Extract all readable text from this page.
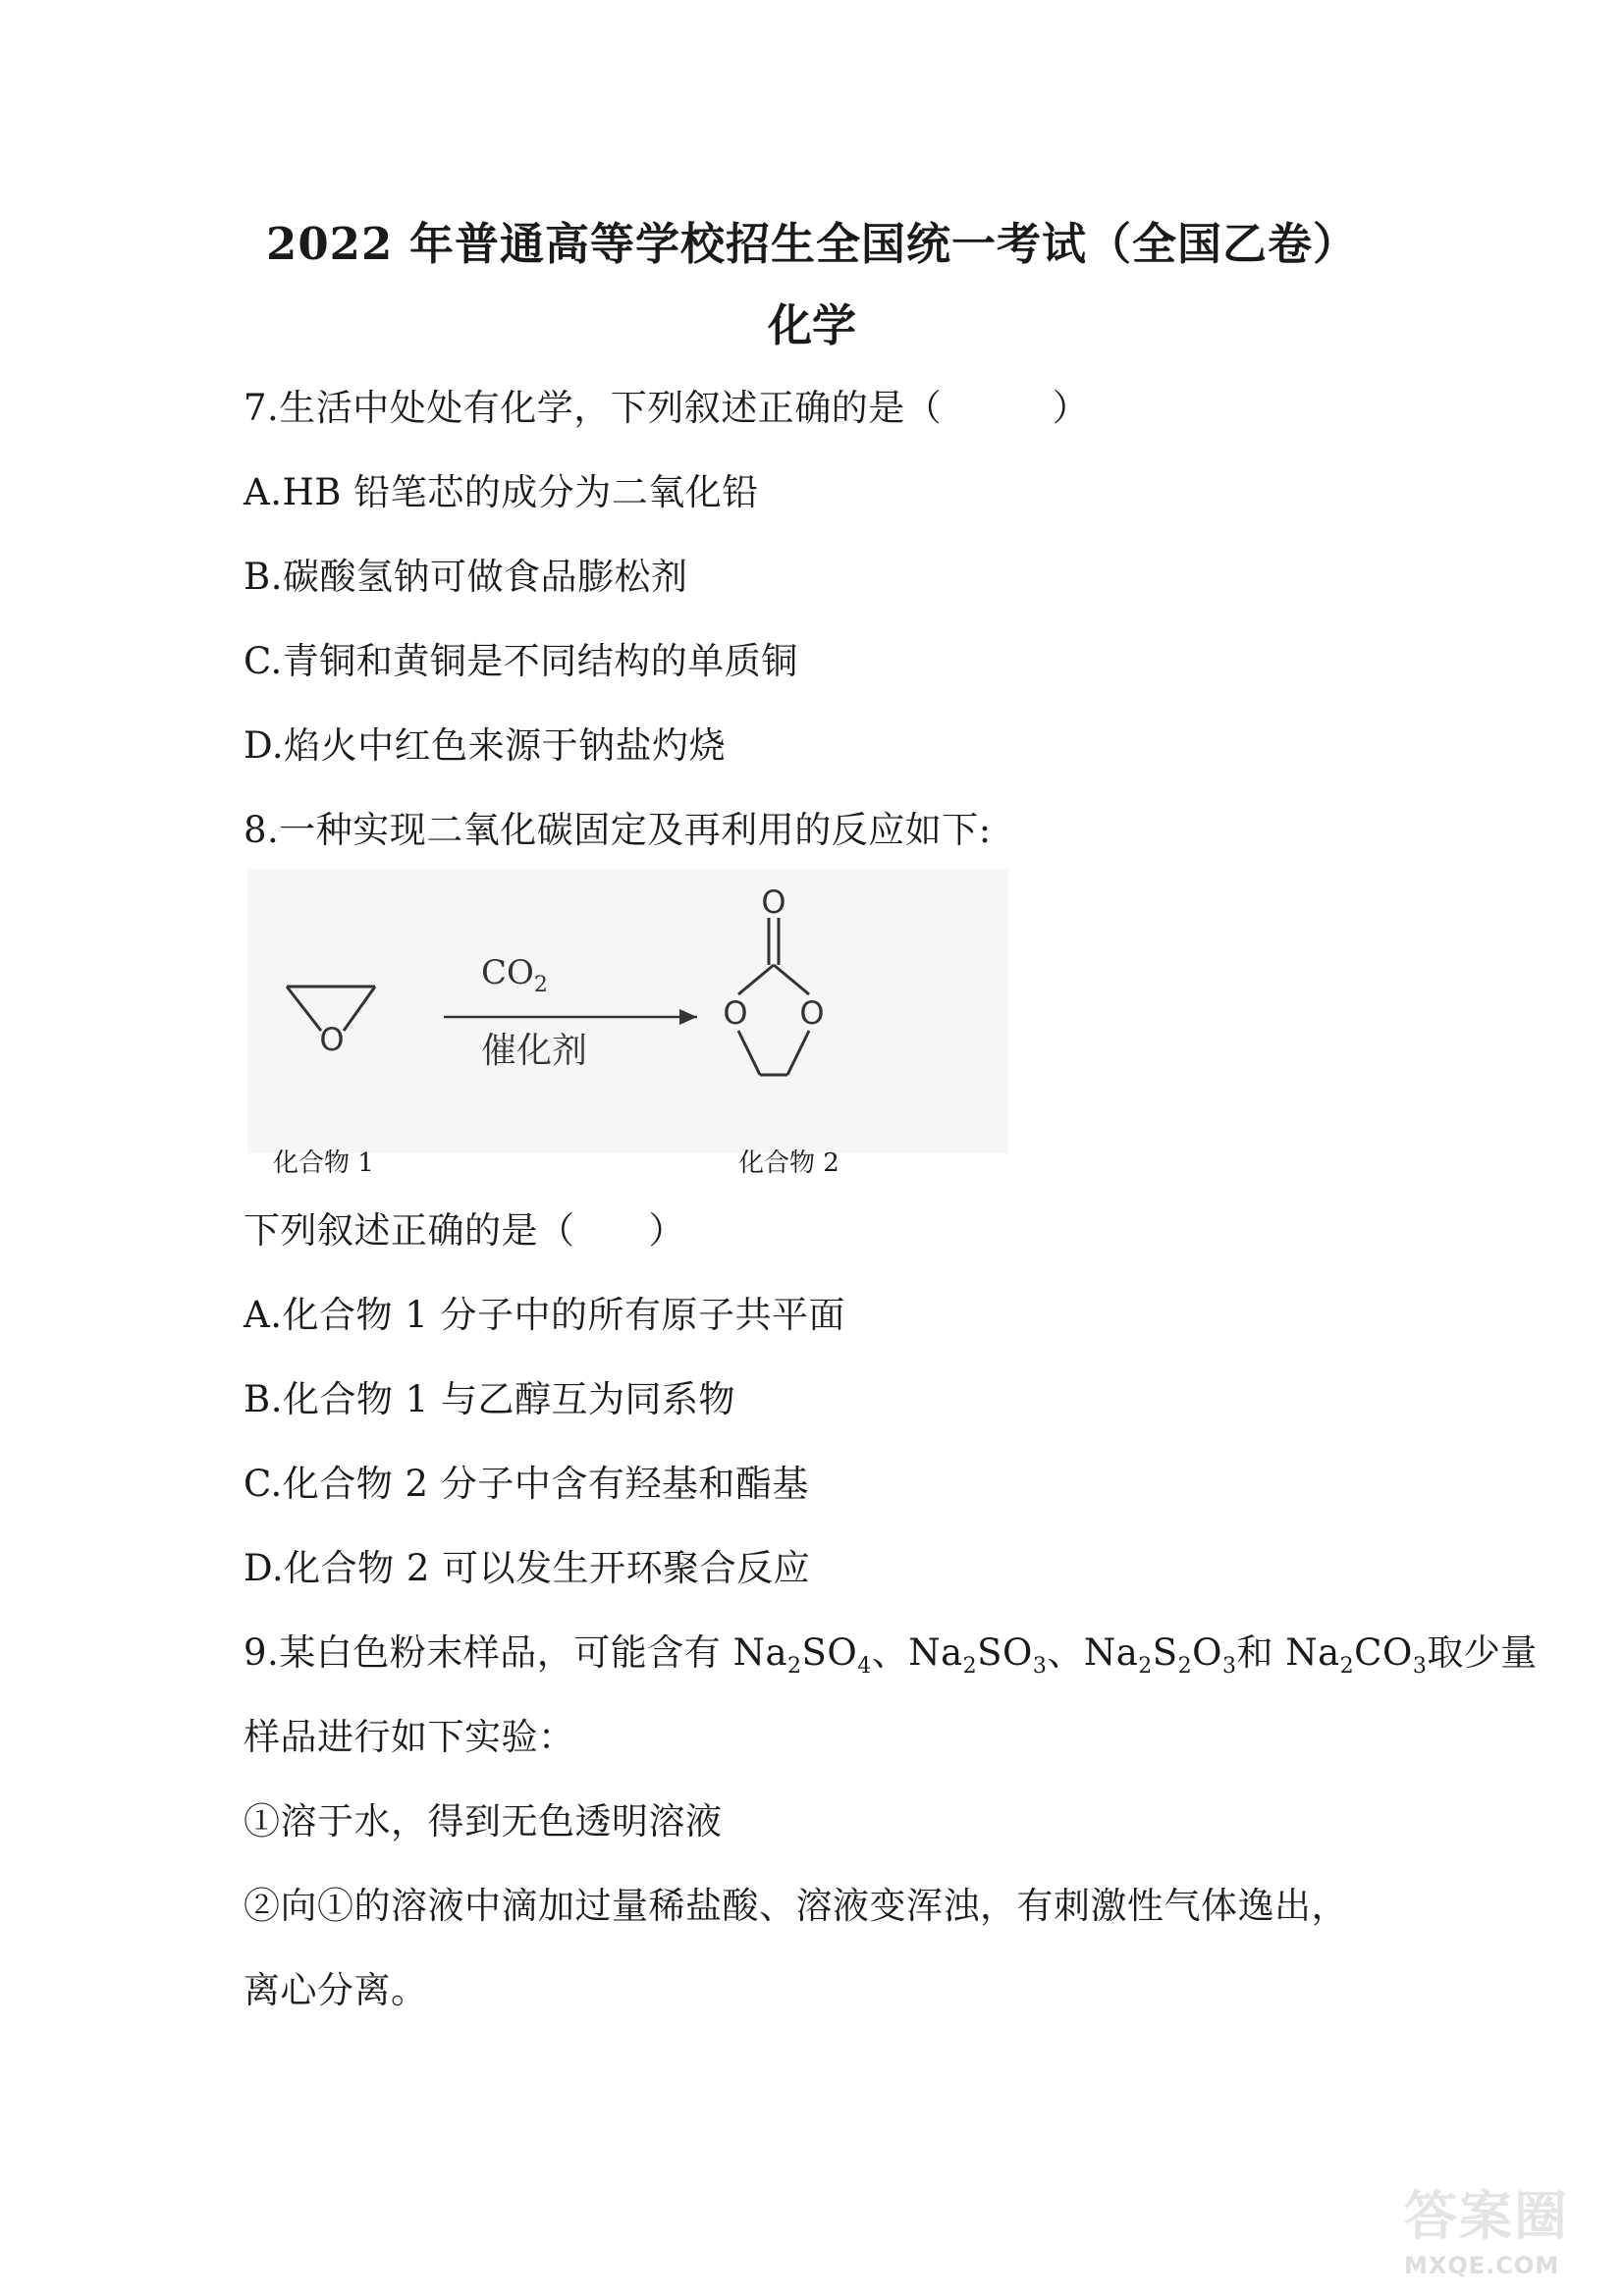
2022 年普通高等学校招生全国统一考试（全国乙卷）
化学
7.生活中处处有化学，下列叙述正确的是（　　　）
A.HB 铅笔芯的成分为二氧化铅
B.碳酸氢钠可做食品膨松剂
C.青铜和黄铜是不同结构的单质铜
D.焰火中红色来源于钠盐灼烧
8.一种实现二氧化碳固定及再利用的反应如下:
O
$CO_2$
催化剂
O
O O
化合物 1	化合物 2
下列叙述正确的是（　　）
A.化合物 1 分子中的所有原子共平面
B.化合物 1 与乙醇互为同系物
C.化合物 2 分子中含有羟基和酯基
D.化合物 2 可以发生开环聚合反应
9.某白色粉末样品，可能含有 $Na_2SO_4$、$Na_2SO_3$、$Na_2S_2O_3$和 $Na_2CO_3$取少量
样品进行如下实验：
①溶于水，得到无色透明溶液
②向①的溶液中滴加过量稀盐酸、溶液变浑浊，有刺激性气体逸出，
离心分离。
答案圈
MXQE.COM
